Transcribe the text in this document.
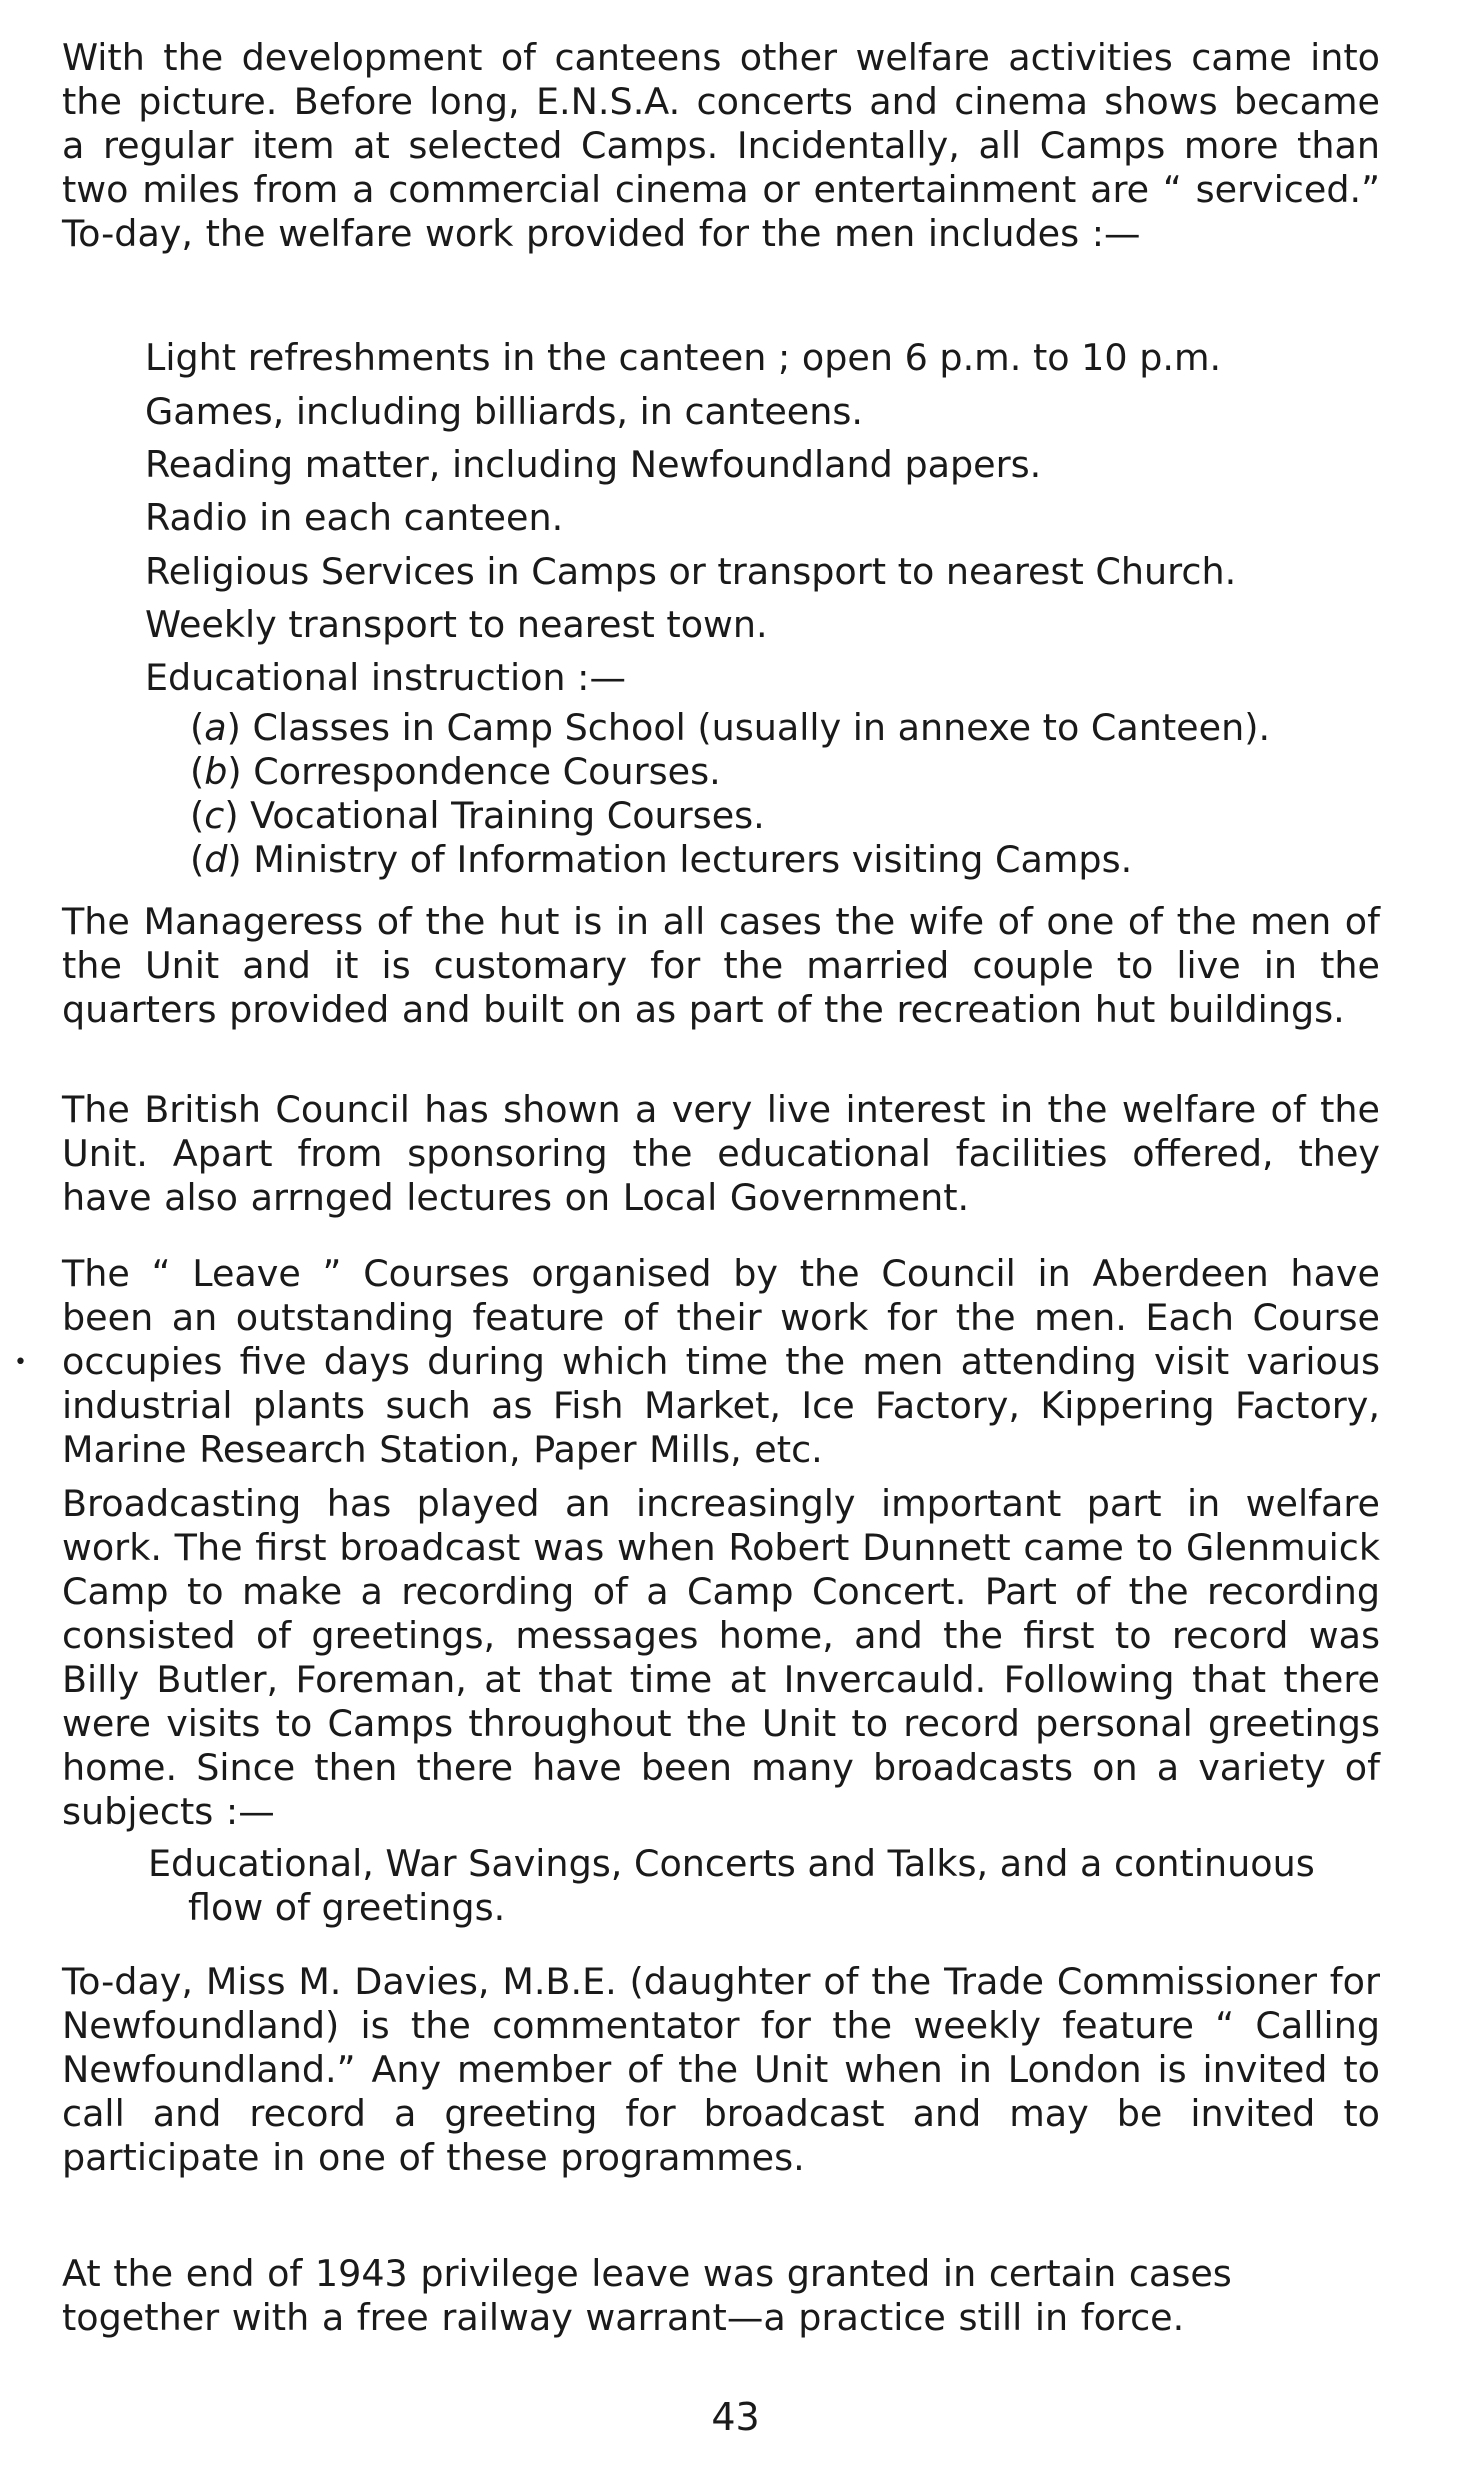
With the development of canteens other welfare activities came into the picture. Before long, E.N.S.A. concerts and cinema shows became a regular item at selected Camps. Incidentally, all Camps more than two miles from a commercial cinema or entertainment are “ serviced.” To-day, the welfare work provided for the men includes :—

Light refreshments in the canteen ; open 6 p.m. to 10 p.m.

Games, including billiards, in canteens.

Reading matter, including Newfoundland papers.

Radio in each canteen.

Religious Services in Camps or transport to nearest Church.

Weekly transport to nearest town.

Educational instruction :—

(a) Classes in Camp School (usually in annexe to Canteen).

(b) Correspondence Courses.

(c) Vocational Training Courses.

(d) Ministry of Information lecturers visiting Camps.

The Manageress of the hut is in all cases the wife of one of the men of the Unit and it is customary for the married couple to live in the quarters provided and built on as part of the recreation hut buildings.

The British Council has shown a very live interest in the welfare of the Unit. Apart from sponsoring the educational facilities offered, they have also arrnged lectures on Local Government.

The “ Leave ” Courses organised by the Council in Aberdeen have been an outstanding feature of their work for the men. Each Course occupies five days during which time the men attending visit various industrial plants such as Fish Market, Ice Factory, Kippering Factory, Marine Research Station, Paper Mills, etc.

•

Broadcasting has played an increasingly important part in welfare work. The first broadcast was when Robert Dunnett came to Glenmuick Camp to make a recording of a Camp Concert. Part of the recording consisted of greetings, messages home, and the first to record was Billy Butler, Foreman, at that time at Invercauld. Following that there were visits to Camps throughout the Unit to record personal greetings home. Since then there have been many broadcasts on a variety of subjects :—

Educational, War Savings, Concerts and Talks, and a continuous flow of greetings.

To-day, Miss M. Davies, M.B.E. (daughter of the Trade Commissioner for Newfoundland) is the commentator for the weekly feature “ Calling Newfoundland.” Any member of the Unit when in London is invited to call and record a greeting for broadcast and may be invited to participate in one of these programmes.

At the end of 1943 privilege leave was granted in certain cases together with a free railway warrant—a practice still in force.

43
